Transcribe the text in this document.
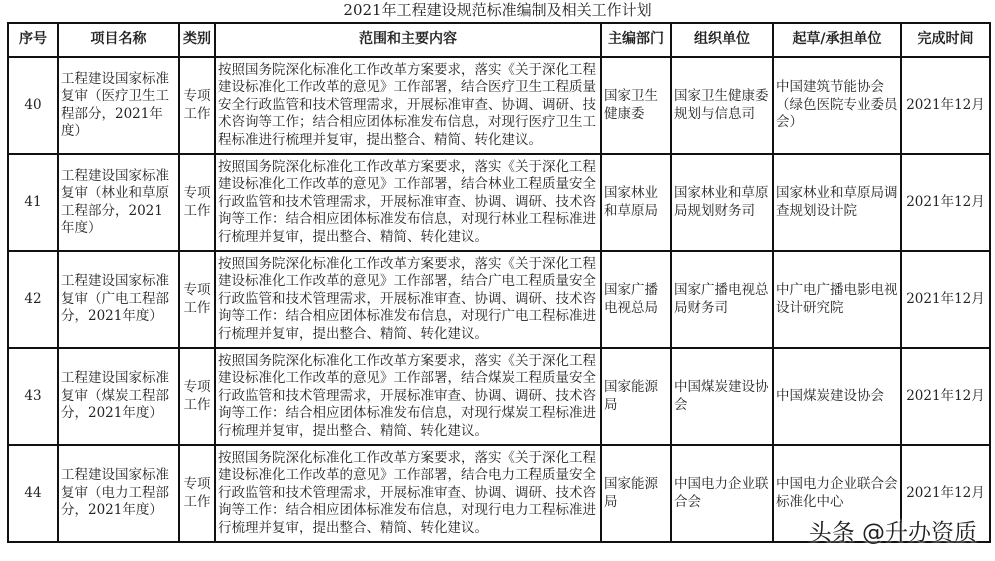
2021年工程建设规范标准编制及相关工作计划
序号	项目名称	类别	范围和主要内容	主编部门	组织单位	起草/承担单位	完成时间
40	工程建设国家标准复审（医疗卫生工程部分，2021年度）	专项工作	按照国务院深化标准化工作改革方案要求，落实《关于深化工程建设标准化工作改革的意见》工作部署，结合医疗卫生工程质量安全行政监管和技术管理需求，开展标准审查、协调、调研、技术咨询等工作；结合相应团体标准发布信息，对现行医疗卫生工程标准进行梳理并复审，提出整合、精简、转化建议。	国家卫生健康委	国家卫生健康委规划与信息司	中国建筑节能协会（绿色医院专业委员会）	2021年12月
41	工程建设国家标准复审（林业和草原工程部分，2021年度）	专项工作	按照国务院深化标准化工作改革方案要求，落实《关于深化工程建设标准化工作改革的意见》工作部署，结合林业工程质量安全行政监管和技术管理需求，开展标准审查、协调、调研、技术咨询等工作：结合相应团体标准发布信息，对现行林业工程标准进行梳理并复审，提出整合、精简、转化建议。	国家林业和草原局	国家林业和草原局规划财务司	国家林业和草原局调查规划设计院	2021年12月
42	工程建设国家标准复审（广电工程部分，2021年度）	专项工作	按照国务院深化标准化工作改革方案要求，落实《关于深化工程建设标准化工作改革的意见》工作部署，结合广电工程质量安全行政监管和技术管理需求，开展标准审查、协调、调研、技术咨询等工作：结合相应团体标准发布信息，对现行广电工程标准进行梳理并复审，提出整合、精简、转化建议。	国家广播电视总局	国家广播电视总局财务司	中广电广播电影电视设计研究院	2021年12月
43	工程建设国家标准复审（煤炭工程部分，2021年度）	专项工作	按照国务院深化标准化工作改革方案要求，落实《关于深化工程建设标准化工作改革的意见》工作部署，结合煤炭工程质量安全行政监管和技术管理需求，开展标准审查、协调、调研、技术咨询等工作：结合相应团体标准发布信息，对现行煤炭工程标准进行梳理并复审，提出整合、精简、转化建议。	国家能源局	中国煤炭建设协会	中国煤炭建设协会	2021年12月
44	工程建设国家标准复审（电力工程部分，2021年度）	专项工作	按照国务院深化标准化工作改革方案要求，落实《关于深化工程建设标准化工作改革的意见》工作部署，结合电力工程质量安全行政监管和技术管理需求，开展标准审查、协调、调研、技术咨询等工作：结合相应团体标准发布信息，对现行电力工程标准进行梳理并复审，提出整合、精简、转化建议。	国家能源局	中国电力企业联合会	中国电力企业联合会标准化中心	2021年12月
头条 @升办资质
